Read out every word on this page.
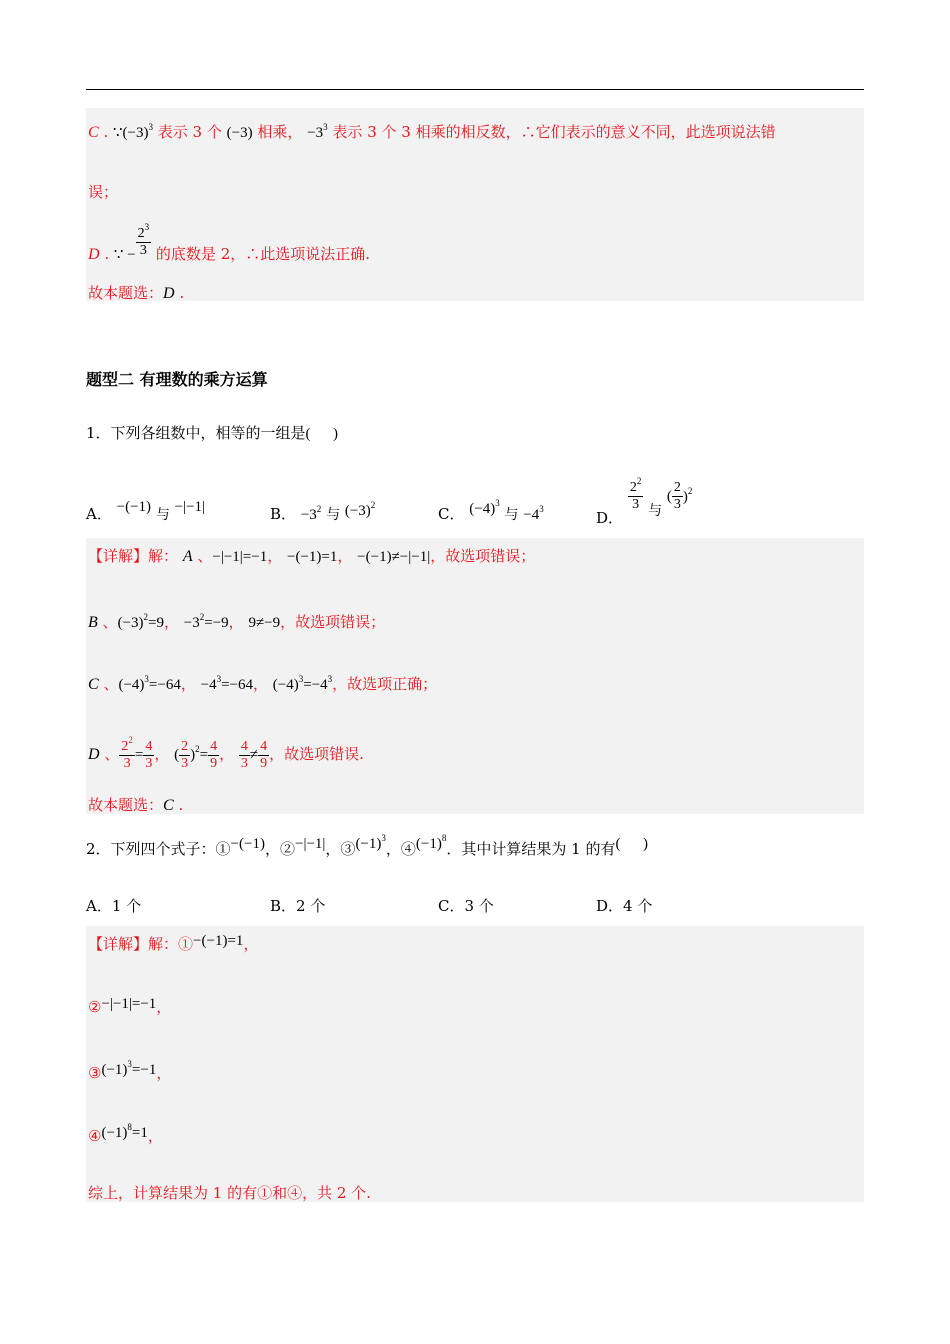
C . $\because(-3)^3$ 表示 3 个 (−3) 相乘， $-3^3$ 表示 3 个 3 相乘的相反数，∴它们表示的意义不同，此选项说法错
误；
D . ∵ − $\frac{2^3}{3}$ 的底数是 2，∴此选项说法正确.
故本题选：D .
题型二 有理数的乘方运算
1．下列各组数中，相等的一组是(      )
A． −(−1) 与 −|−1|	B． $-3^2$ 与 $(-3)^2$	C． $(-4)^3$ 与 $-4^3$	D．
$\frac{2^2}{3}$ 与 ( $\frac{2}{3} )^2$
【详解】解： A 、−|−1|=−1， −(−1)=1， −(−1)≠−|−1|，故选项错误；
B 、$(-3)^2=9$， $-3^2=-9$， 9≠−9，故选项错误；
C 、$(-4)^3=-64$， $-4^3=-64$， $(-4)^3=-4^3$，故选项正确；
D 、 $\frac{2^2}{3} = \frac{4}{3}$ ， ( $\frac{2}{3} )^2= \frac{4}{9}$ ， $\frac{4}{3} \ne \frac{4}{9}$ ，故选项错误.
故本题选：C .
2．下列四个式子：①−(−1)，②−|−1|，$③(-1)^3$，$④(-1)^8$．其中计算结果为 1 的有(      )
A．1 个	B．2 个	C．3 个	D．4 个
【详解】解：①−(−1)=1，
②−|−1|=−1，
$③(-1)^3=-1$，
$④(-1)^8=1$，
综上，计算结果为 1 的有①和④，共 2 个.
